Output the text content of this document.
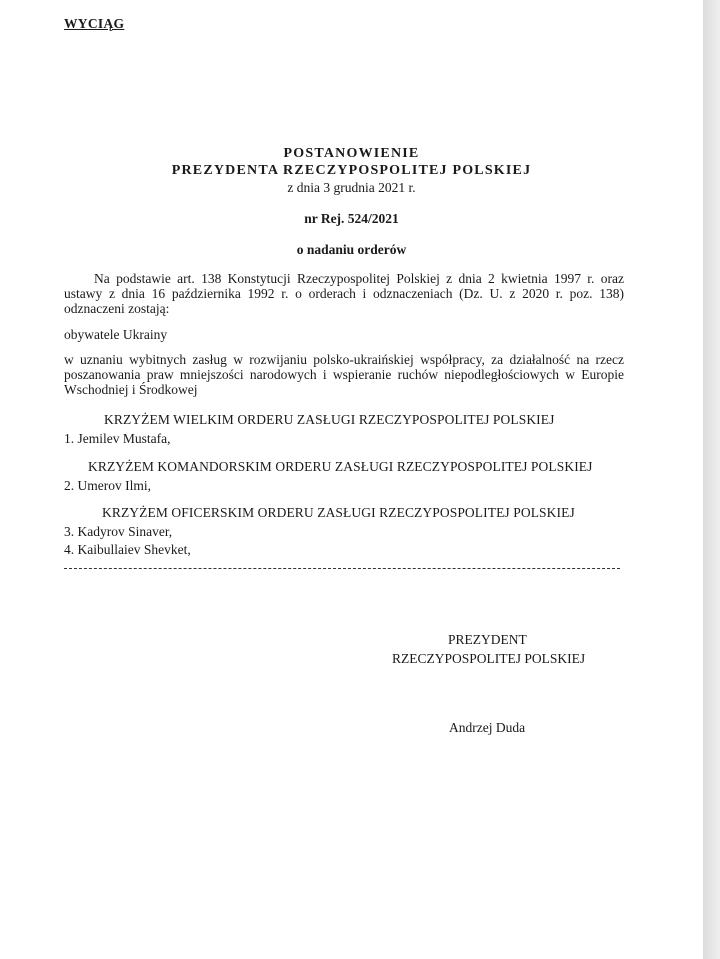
WYCIĄG
POSTANOWIENIE
PREZYDENTA RZECZYPOSPOLITEJ POLSKIEJ
z dnia 3 grudnia 2021 r.
nr Rej. 524/2021
o nadaniu orderów
Na podstawie art. 138 Konstytucji Rzeczypospolitej Polskiej z dnia 2 kwietnia 1997 r. oraz
ustawy z dnia 16 października 1992 r. o orderach i odznaczeniach (Dz. U. z 2020 r. poz. 138)
odznaczeni zostają:
obywatele Ukrainy
w uznaniu wybitnych zasług w rozwijaniu polsko-ukraińskiej współpracy, za działalność na rzecz
poszanowania praw mniejszości narodowych i wspieranie ruchów niepodległościowych w Europie
Wschodniej i Środkowej
KRZYŻEM WIELKIM ORDERU ZASŁUGI RZECZYPOSPOLITEJ POLSKIEJ
1. Jemilev Mustafa,
KRZYŻEM KOMANDORSKIM ORDERU ZASŁUGI RZECZYPOSPOLITEJ POLSKIEJ
2. Umerov Ilmi,
KRZYŻEM OFICERSKIM ORDERU ZASŁUGI RZECZYPOSPOLITEJ POLSKIEJ
3. Kadyrov Sinaver,
4. Kaibullaiev Shevket,
PREZYDENT
RZECZYPOSPOLITEJ POLSKIEJ
Andrzej Duda
